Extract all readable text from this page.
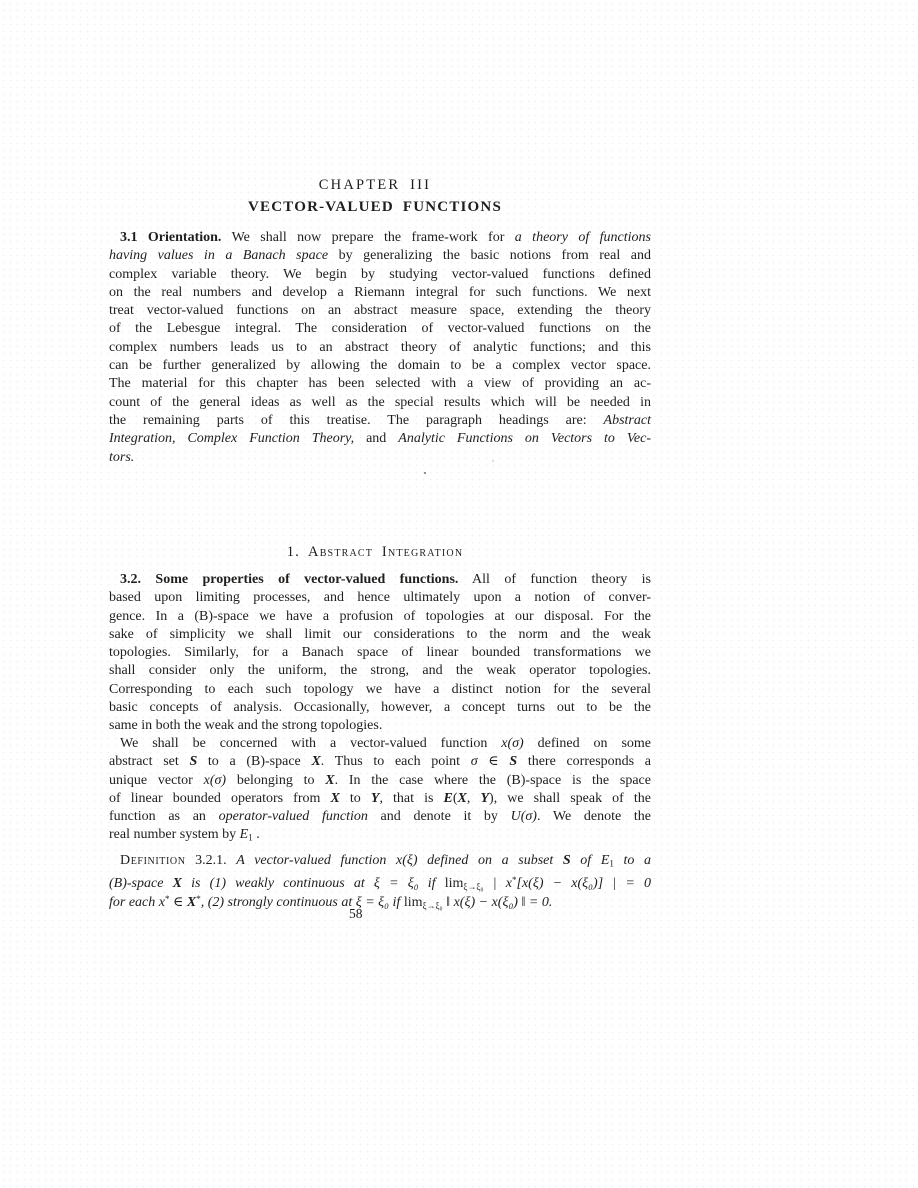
CHAPTER III
VECTOR-VALUED FUNCTIONS
3.1 Orientation. We shall now prepare the frame-work for a theory of functions
having values in a Banach space by generalizing the basic notions from real and
complex variable theory. We begin by studying vector-valued functions defined
on the real numbers and develop a Riemann integral for such functions. We next
treat vector-valued functions on an abstract measure space, extending the theory
of the Lebesgue integral. The consideration of vector-valued functions on the
complex numbers leads us to an abstract theory of analytic functions; and this
can be further generalized by allowing the domain to be a complex vector space.
The material for this chapter has been selected with a view of providing an ac-
count of the general ideas as well as the special results which will be needed in
the remaining parts of this treatise. The paragraph headings are: Abstract
Integration, Complex Function Theory, and Analytic Functions on Vectors to Vec-
tors.
1. Abstract Integration
3.2. Some properties of vector-valued functions. All of function theory is
based upon limiting processes, and hence ultimately upon a notion of conver-
gence. In a (B)-space we have a profusion of topologies at our disposal. For the
sake of simplicity we shall limit our considerations to the norm and the weak
topologies. Similarly, for a Banach space of linear bounded transformations we
shall consider only the uniform, the strong, and the weak operator topologies.
Corresponding to each such topology we have a distinct notion for the several
basic concepts of analysis. Occasionally, however, a concept turns out to be the
same in both the weak and the strong topologies.
We shall be concerned with a vector-valued function x(σ) defined on some
abstract set S to a (B)-space X. Thus to each point σ ∈ S there corresponds a
unique vector x(σ) belonging to X. In the case where the (B)-space is the space
of linear bounded operators from X to Y, that is E(X, Y), we shall speak of the
function as an operator-valued function and denote it by U(σ). We denote the
real number system by $E_1$ .
Definition 3.2.1. A vector-valued function x(ξ) defined on a subset S of $E_1$ to a
(B)-space X is (1) weakly continuous at ξ = ξ₀ if $\lim_{\xi\to\xi_0}$ | x*[x(ξ) − x(ξ₀)] | = 0
for each x* ∈ X*, (2) strongly continuous at ξ = ξ₀ if $\lim_{\xi\to\xi_0}$ ‖ x(ξ) − x(ξ₀) ‖ = 0.
58
